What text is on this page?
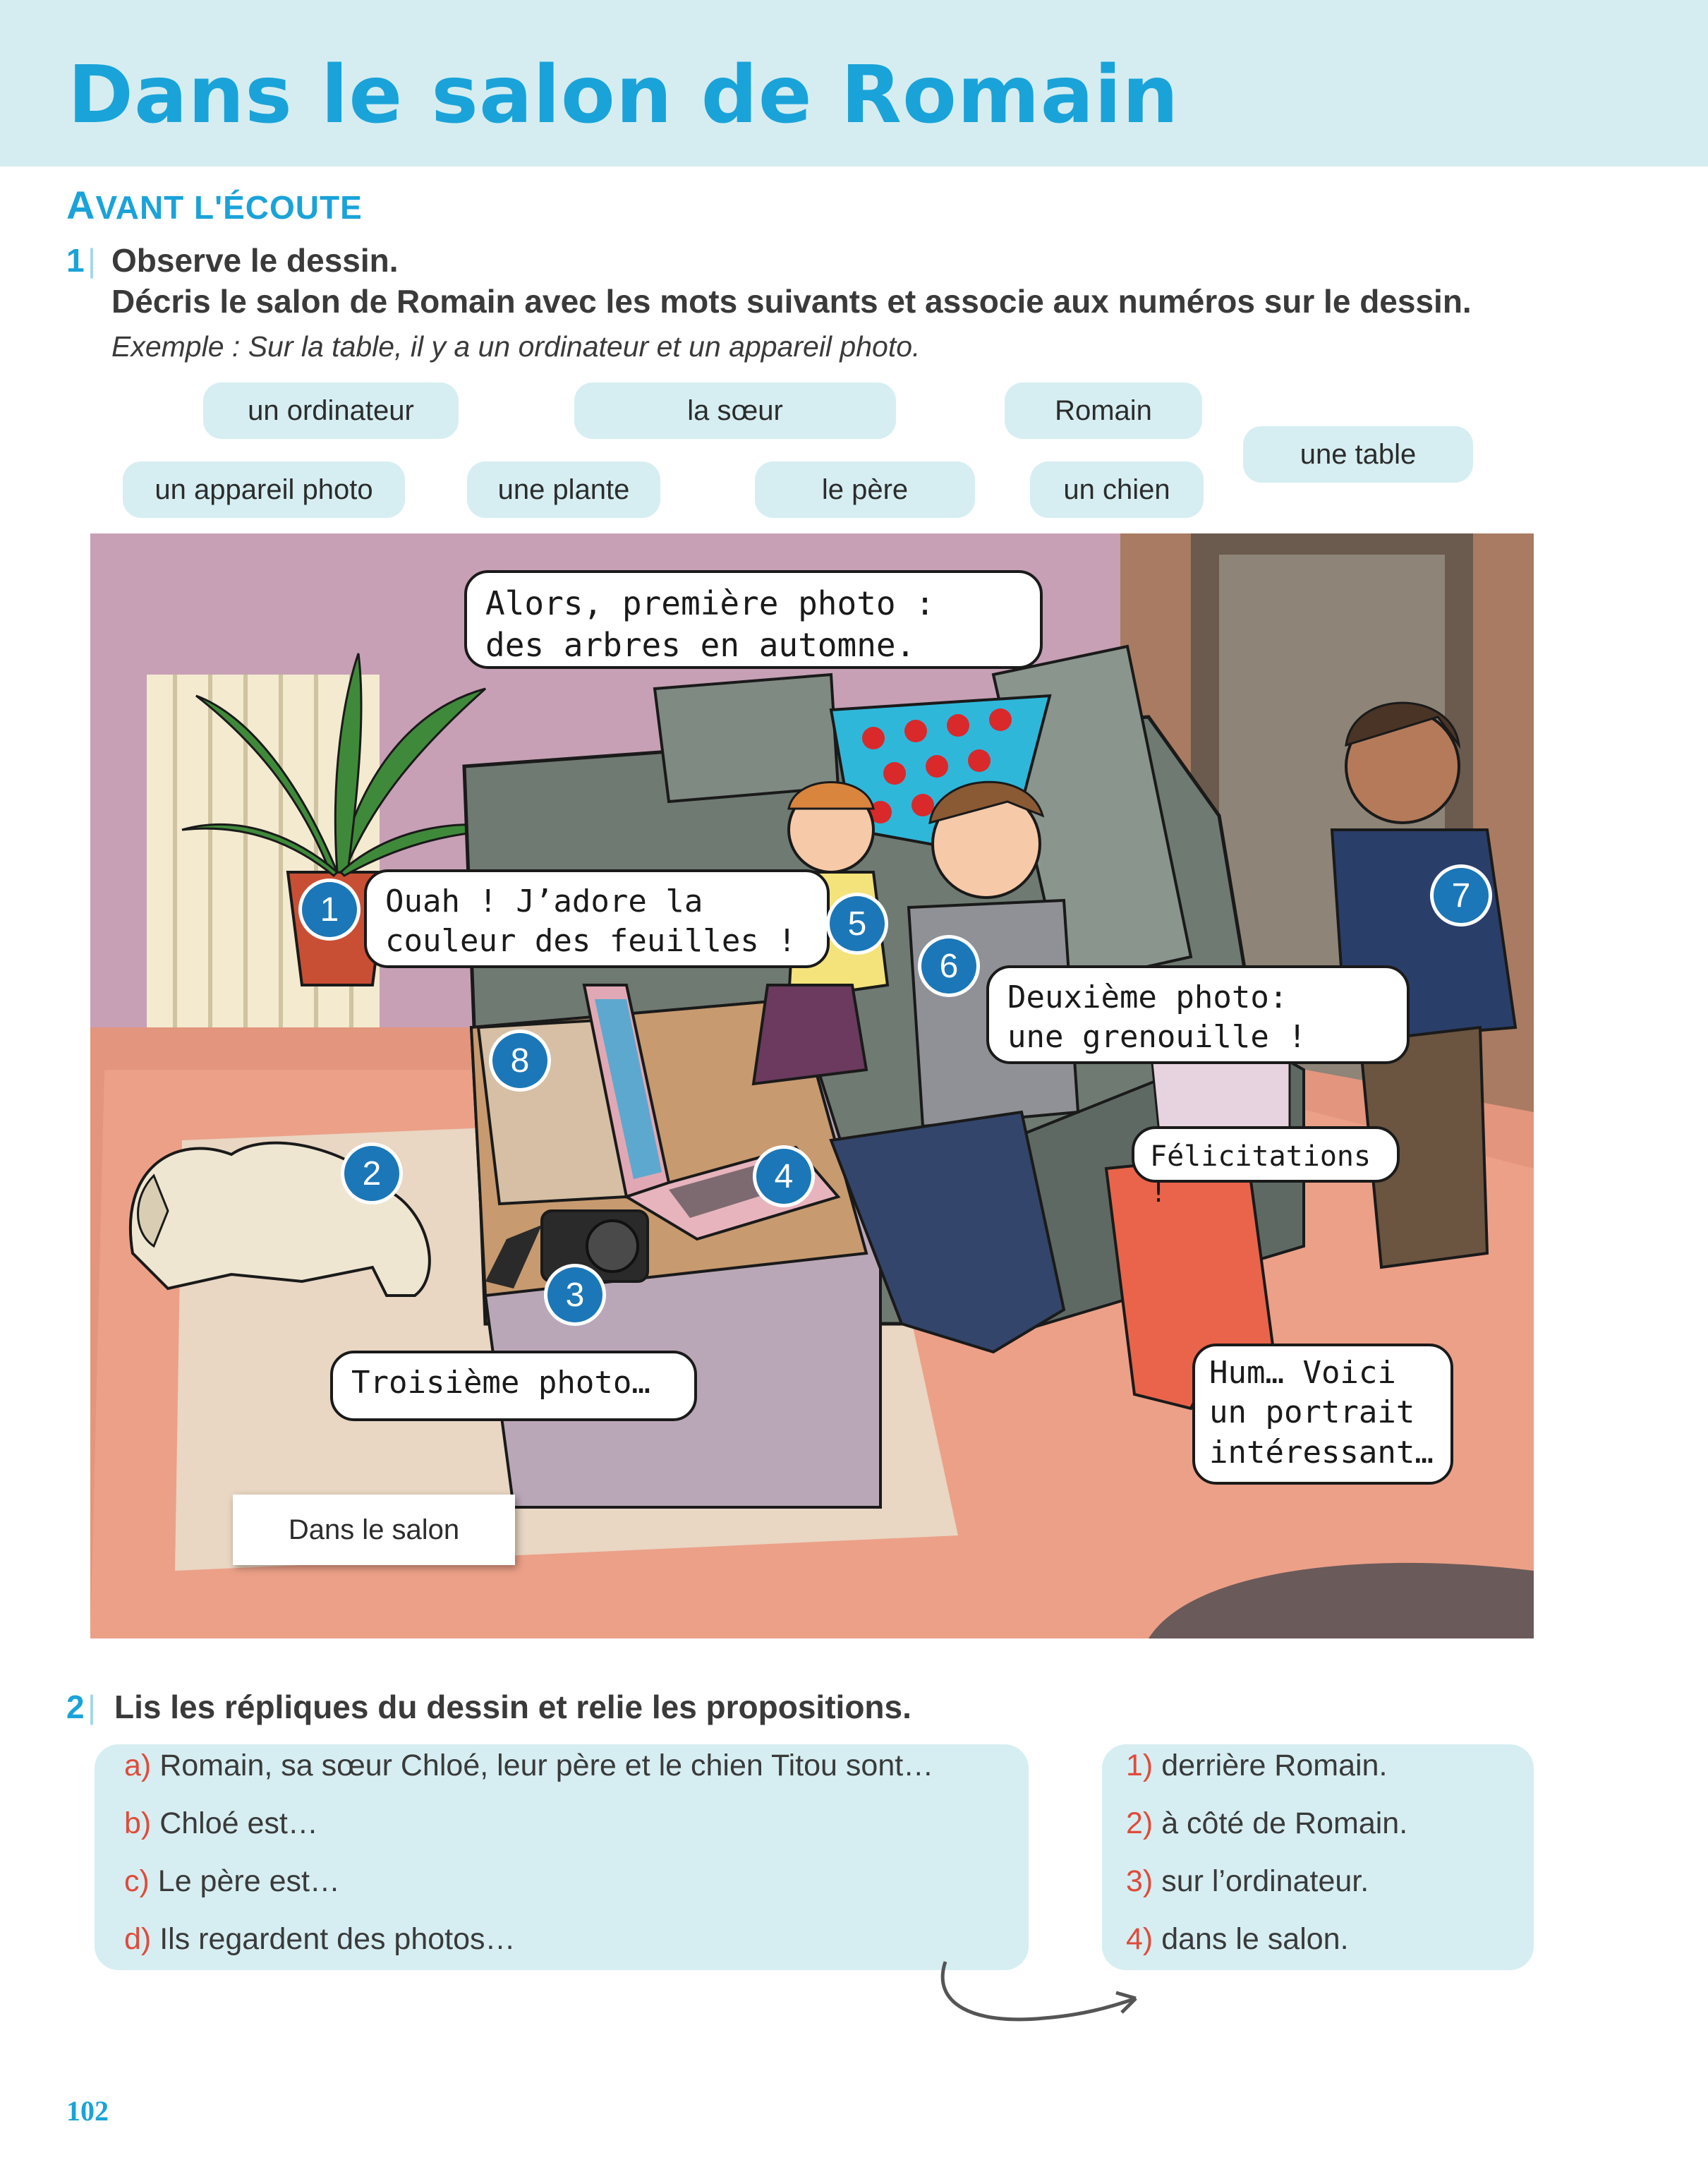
Dans le salon de Romain
AVANT L'ÉCOUTE
1 | Observe le dessin.
Décris le salon de Romain avec les mots suivants et associe aux numéros sur le dessin.
Exemple : Sur la table, il y a un ordinateur et un appareil photo.
un ordinateur	la sœur	Romain
une table
un appareil photo	une plante	le père	un chien
Alors, première photo :
des arbres en automne.
Ouah ! J’adore la
couleur des feuilles !
Deuxième photo:
une grenouille !
Félicitations !
Troisième photo…	Hum… Voici
un portrait
intéressant…
1
2
3
4
5
6
7
8
Dans le salon
2 | Lis les répliques du dessin et relie les propositions.
a) Romain, sa sœur Chloé, leur père et le chien Titou sont…
b) Chloé est…
c) Le père est…
d) Ils regardent des photos…
1) derrière Romain.
2) à côté de Romain.
3) sur l’ordinateur.
4) dans le salon.
102
